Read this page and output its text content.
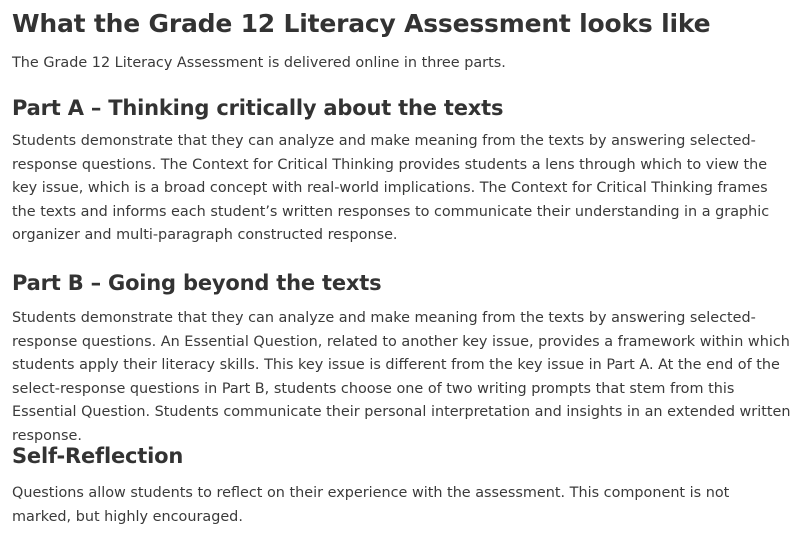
What the Grade 12 Literacy Assessment looks like

The Grade 12 Literacy Assessment is delivered online in three parts.

Part A – Thinking critically about the texts

Students demonstrate that they can analyze and make meaning from the texts by answering selected-response questions. The Context for Critical Thinking provides students a lens through which to view the key issue, which is a broad concept with real-world implications. The Context for Critical Thinking frames the texts and informs each student’s written responses to communicate their understanding in a graphic organizer and multi-paragraph constructed response.

Part B – Going beyond the texts

Students demonstrate that they can analyze and make meaning from the texts by answering selected-response questions. An Essential Question, related to another key issue, provides a framework within which students apply their literacy skills. This key issue is different from the key issue in Part A. At the end of the select-response questions in Part B, students choose one of two writing prompts that stem from this Essential Question. Students communicate their personal interpretation and insights in an extended written response.

Self-Reflection

Questions allow students to reflect on their experience with the assessment. This component is not marked, but highly encouraged.
